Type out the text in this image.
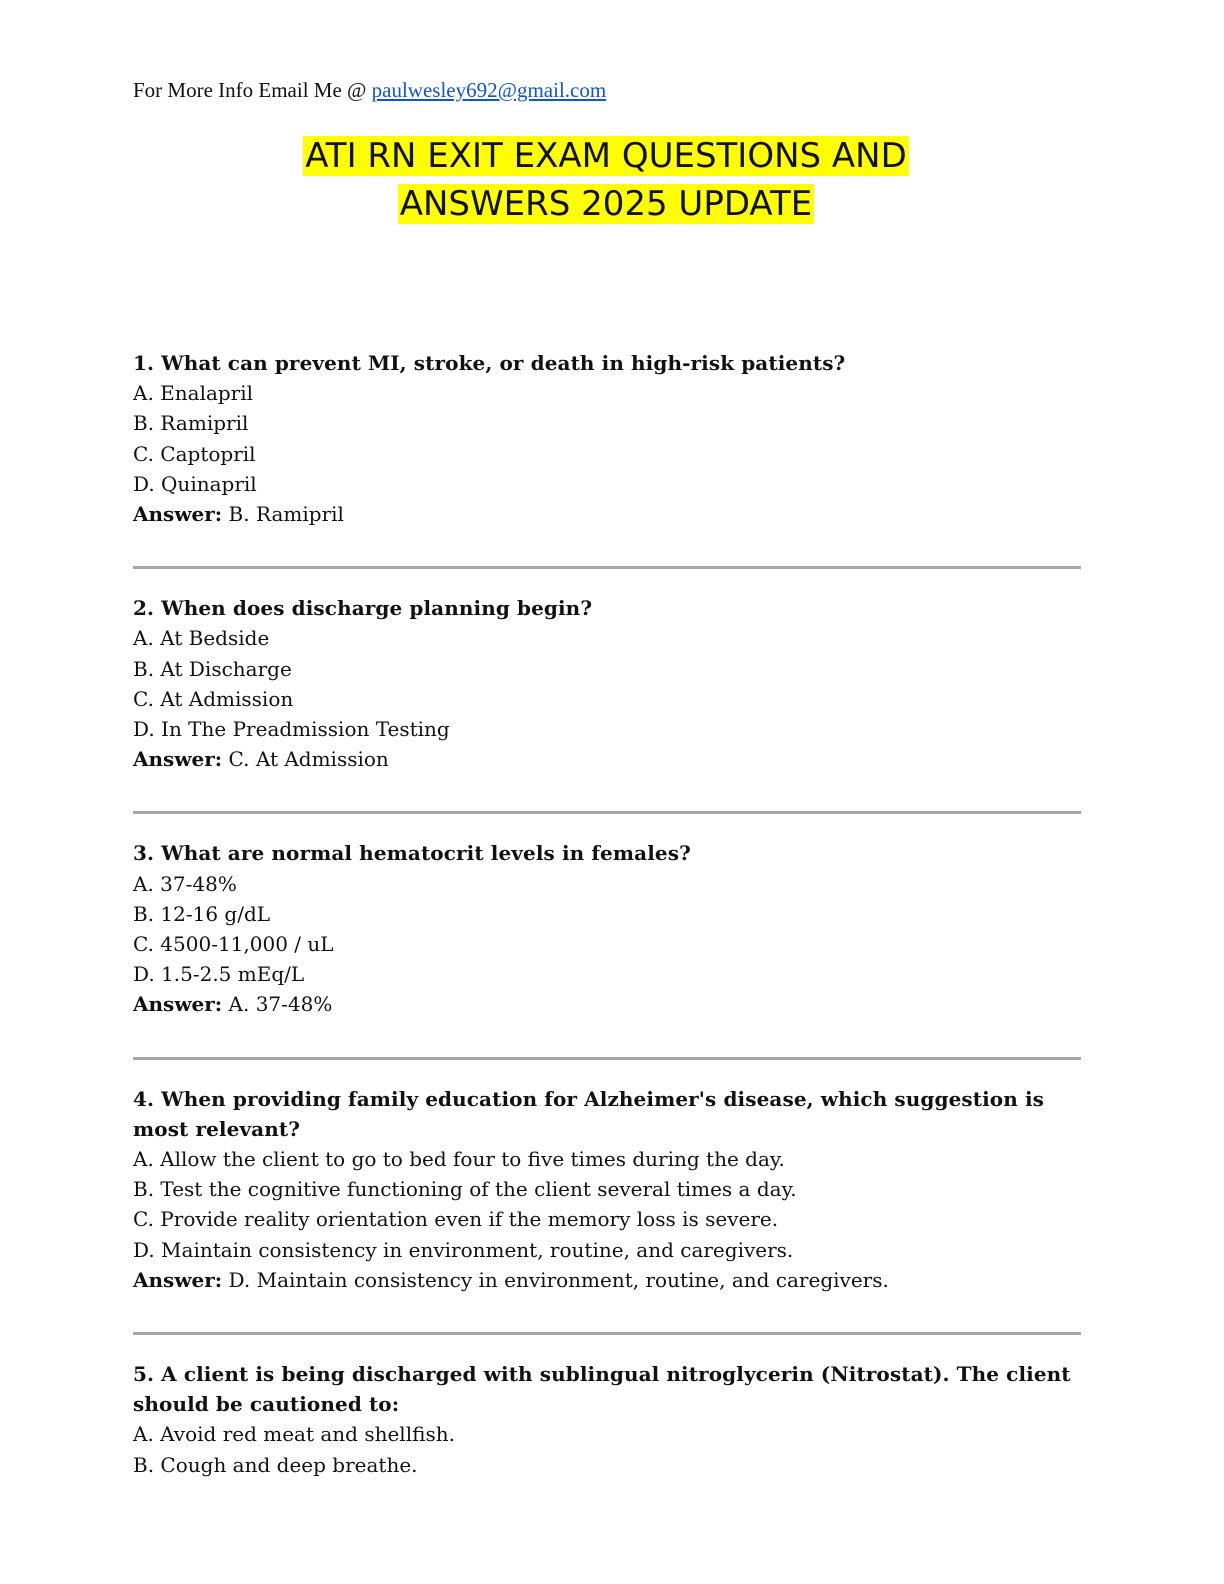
For More Info Email Me @ paulwesley692@gmail.com
ATI RN EXIT EXAM QUESTIONS AND
ANSWERS 2025 UPDATE
1. What can prevent MI, stroke, or death in high-risk patients?
A. Enalapril
B. Ramipril
C. Captopril
D. Quinapril
Answer: B. Ramipril
2. When does discharge planning begin?
A. At Bedside
B. At Discharge
C. At Admission
D. In The Preadmission Testing
Answer: C. At Admission
3. What are normal hematocrit levels in females?
A. 37-48%
B. 12-16 g/dL
C. 4500-11,000 / uL
D. 1.5-2.5 mEq/L
Answer: A. 37-48%
4. When providing family education for Alzheimer's disease, which suggestion is most relevant?
A. Allow the client to go to bed four to five times during the day.
B. Test the cognitive functioning of the client several times a day.
C. Provide reality orientation even if the memory loss is severe.
D. Maintain consistency in environment, routine, and caregivers.
Answer: D. Maintain consistency in environment, routine, and caregivers.
5. A client is being discharged with sublingual nitroglycerin (Nitrostat). The client should be cautioned to:
A. Avoid red meat and shellfish.
B. Cough and deep breathe.
